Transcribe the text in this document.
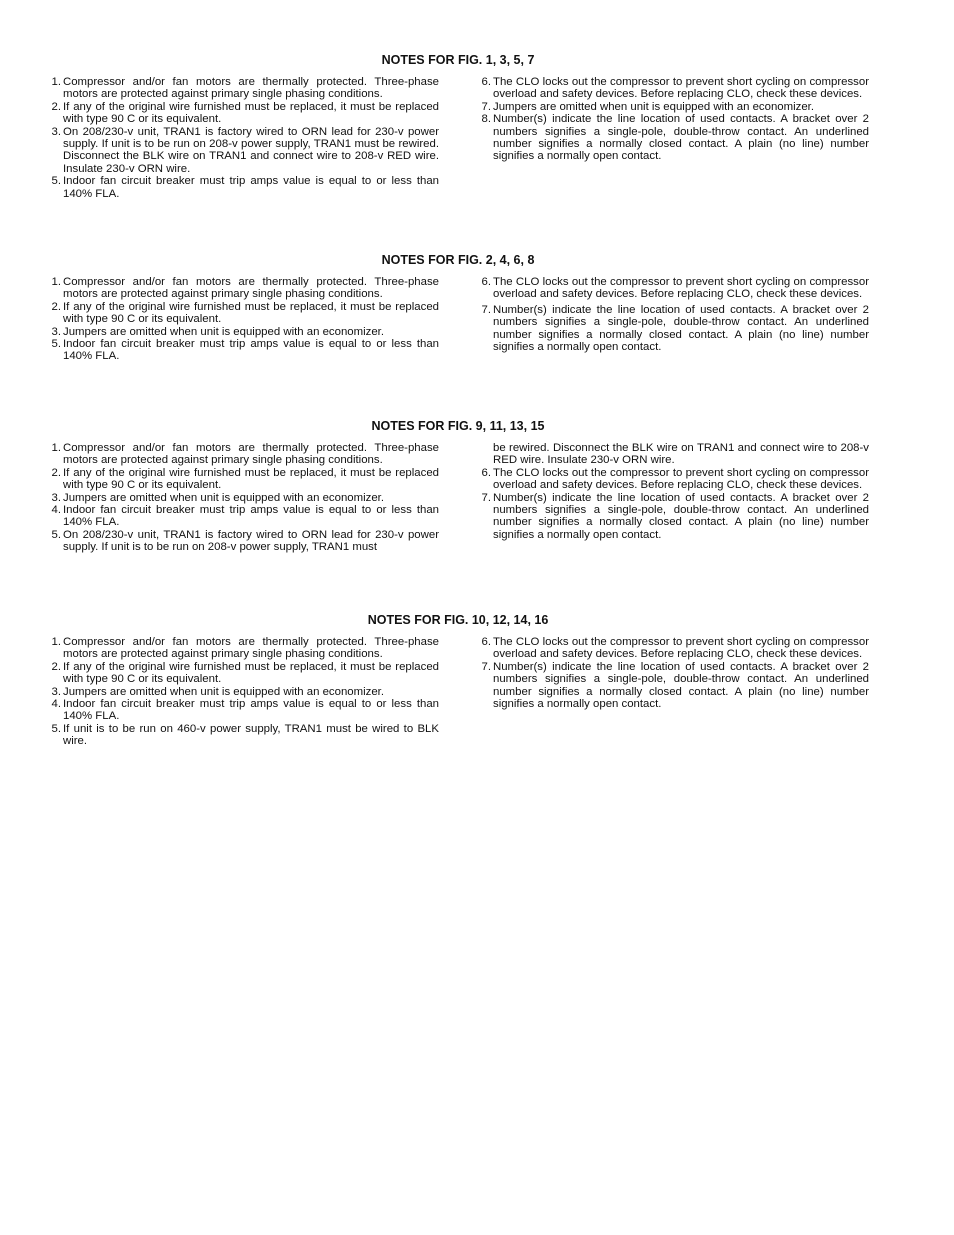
NOTES FOR FIG. 1, 3, 5, 7
1. Compressor and/or fan motors are thermally protected. Three-phase motors are protected against primary single phasing conditions.
2. If any of the original wire furnished must be replaced, it must be replaced with type 90 C or its equivalent.
3. On 208/230-v unit, TRAN1 is factory wired to ORN lead for 230-v power supply. If unit is to be run on 208-v power supply, TRAN1 must be rewired. Disconnect the BLK wire on TRAN1 and connect wire to 208-v RED wire. Insulate 230-v ORN wire.
5. Indoor fan circuit breaker must trip amps value is equal to or less than 140% FLA.
6. The CLO locks out the compressor to prevent short cycling on compressor overload and safety devices. Before replacing CLO, check these devices.
7. Jumpers are omitted when unit is equipped with an economizer.
8. Number(s) indicate the line location of used contacts. A bracket over 2 numbers signifies a single-pole, double-throw contact. An underlined number signifies a normally closed contact. A plain (no line) number signifies a normally open contact.
NOTES FOR FIG. 2, 4, 6, 8
1. Compressor and/or fan motors are thermally protected. Three-phase motors are protected against primary single phasing conditions.
2. If any of the original wire furnished must be replaced, it must be replaced with type 90 C or its equivalent.
3. Jumpers are omitted when unit is equipped with an economizer.
5. Indoor fan circuit breaker must trip amps value is equal to or less than 140% FLA.
6. The CLO locks out the compressor to prevent short cycling on compressor overload and safety devices. Before replacing CLO, check these devices.
7. Number(s) indicate the line location of used contacts. A bracket over 2 numbers signifies a single-pole, double-throw contact. An underlined number signifies a normally closed contact. A plain (no line) number signifies a normally open contact.
NOTES FOR FIG. 9, 11, 13, 15
1. Compressor and/or fan motors are thermally protected. Three-phase motors are protected against primary single phasing conditions.
2. If any of the original wire furnished must be replaced, it must be replaced with type 90 C or its equivalent.
3. Jumpers are omitted when unit is equipped with an economizer.
4. Indoor fan circuit breaker must trip amps value is equal to or less than 140% FLA.
5. On 208/230-v unit, TRAN1 is factory wired to ORN lead for 230-v power supply. If unit is to be run on 208-v power supply, TRAN1 must
be rewired. Disconnect the BLK wire on TRAN1 and connect wire to 208-v RED wire. Insulate 230-v ORN wire.
6. The CLO locks out the compressor to prevent short cycling on compressor overload and safety devices. Before replacing CLO, check these devices.
7. Number(s) indicate the line location of used contacts. A bracket over 2 numbers signifies a single-pole, double-throw contact. An underlined number signifies a normally closed contact. A plain (no line) number signifies a normally open contact.
NOTES FOR FIG. 10, 12, 14, 16
1. Compressor and/or fan motors are thermally protected. Three-phase motors are protected against primary single phasing conditions.
2. If any of the original wire furnished must be replaced, it must be replaced with type 90 C or its equivalent.
3. Jumpers are omitted when unit is equipped with an economizer.
4. Indoor fan circuit breaker must trip amps value is equal to or less than 140% FLA.
5. If unit is to be run on 460-v power supply, TRAN1 must be wired to BLK wire.
6. The CLO locks out the compressor to prevent short cycling on compressor overload and safety devices. Before replacing CLO, check these devices.
7. Number(s) indicate the line location of used contacts. A bracket over 2 numbers signifies a single-pole, double-throw contact. An underlined number signifies a normally closed contact. A plain (no line) number signifies a normally open contact.
